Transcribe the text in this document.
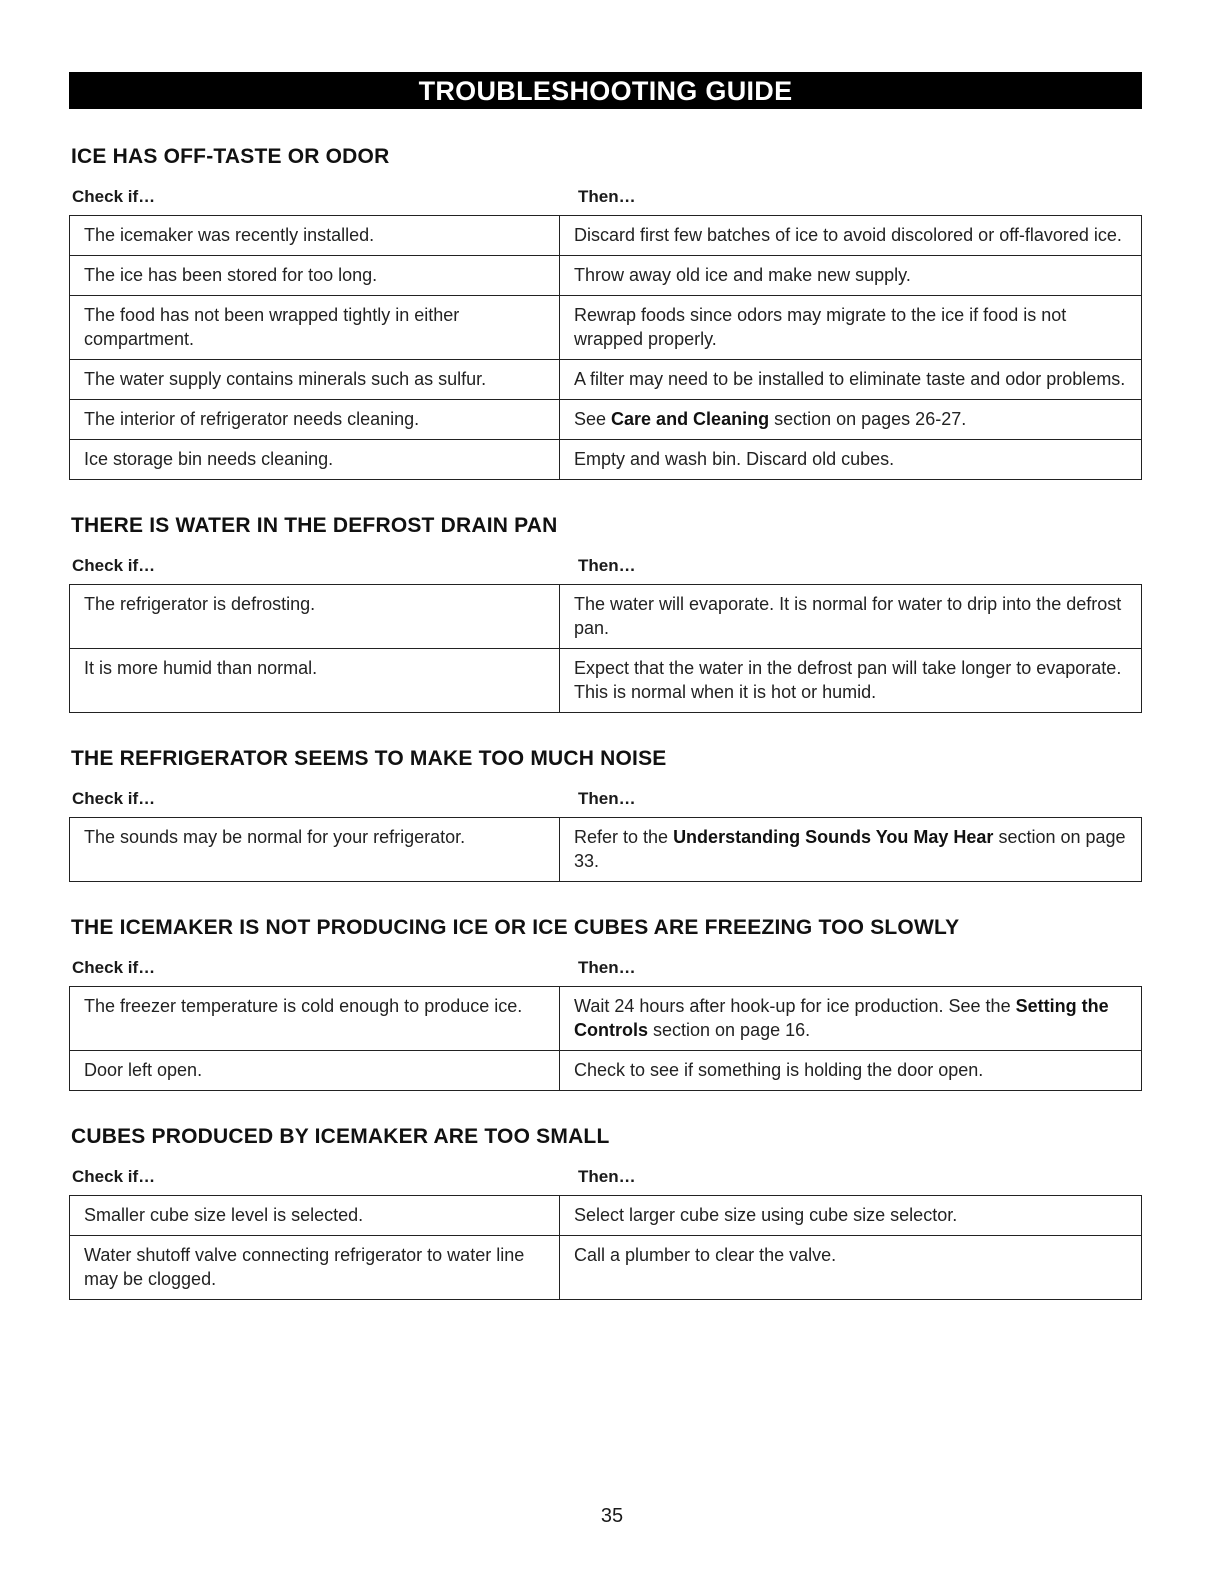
TROUBLESHOOTING GUIDE
ICE HAS OFF-TASTE OR ODOR
Check if…	Then…
The icemaker was recently installed.	Discard first few batches of ice to avoid discolored or off-flavored ice.
The ice has been stored for too long.	Throw away old ice and make new supply.
The food has not been wrapped tightly in either compartment.	Rewrap foods since odors may migrate to the ice if food is not wrapped properly.
The water supply contains minerals such as sulfur.	A filter may need to be installed to eliminate taste and odor problems.
The interior of refrigerator needs cleaning.	See Care and Cleaning section on pages 26-27.
Ice storage bin needs cleaning.	Empty and wash bin. Discard old cubes.
THERE IS WATER IN THE DEFROST DRAIN PAN
Check if…	Then…
The refrigerator is defrosting.	The water will evaporate. It is normal for water to drip into the defrost pan.
It is more humid than normal.	Expect that the water in the defrost pan will take longer to evaporate. This is normal when it is hot or humid.
THE REFRIGERATOR SEEMS TO MAKE TOO MUCH NOISE
Check if…	Then…
The sounds may be normal for your refrigerator.	Refer to the Understanding Sounds You May Hear section on page 33.
THE ICEMAKER IS NOT PRODUCING ICE OR ICE CUBES ARE FREEZING TOO SLOWLY
Check if…	Then…
The freezer temperature is cold enough to produce ice.	Wait 24 hours after hook-up for ice production. See the Setting the Controls section on page 16.
Door left open.	Check to see if something is holding the door open.
CUBES PRODUCED BY ICEMAKER ARE TOO SMALL
Check if…	Then…
Smaller cube size level is selected.	Select larger cube size using cube size selector.
Water shutoff valve connecting refrigerator to water line may be clogged.	Call a plumber to clear the valve.
35
